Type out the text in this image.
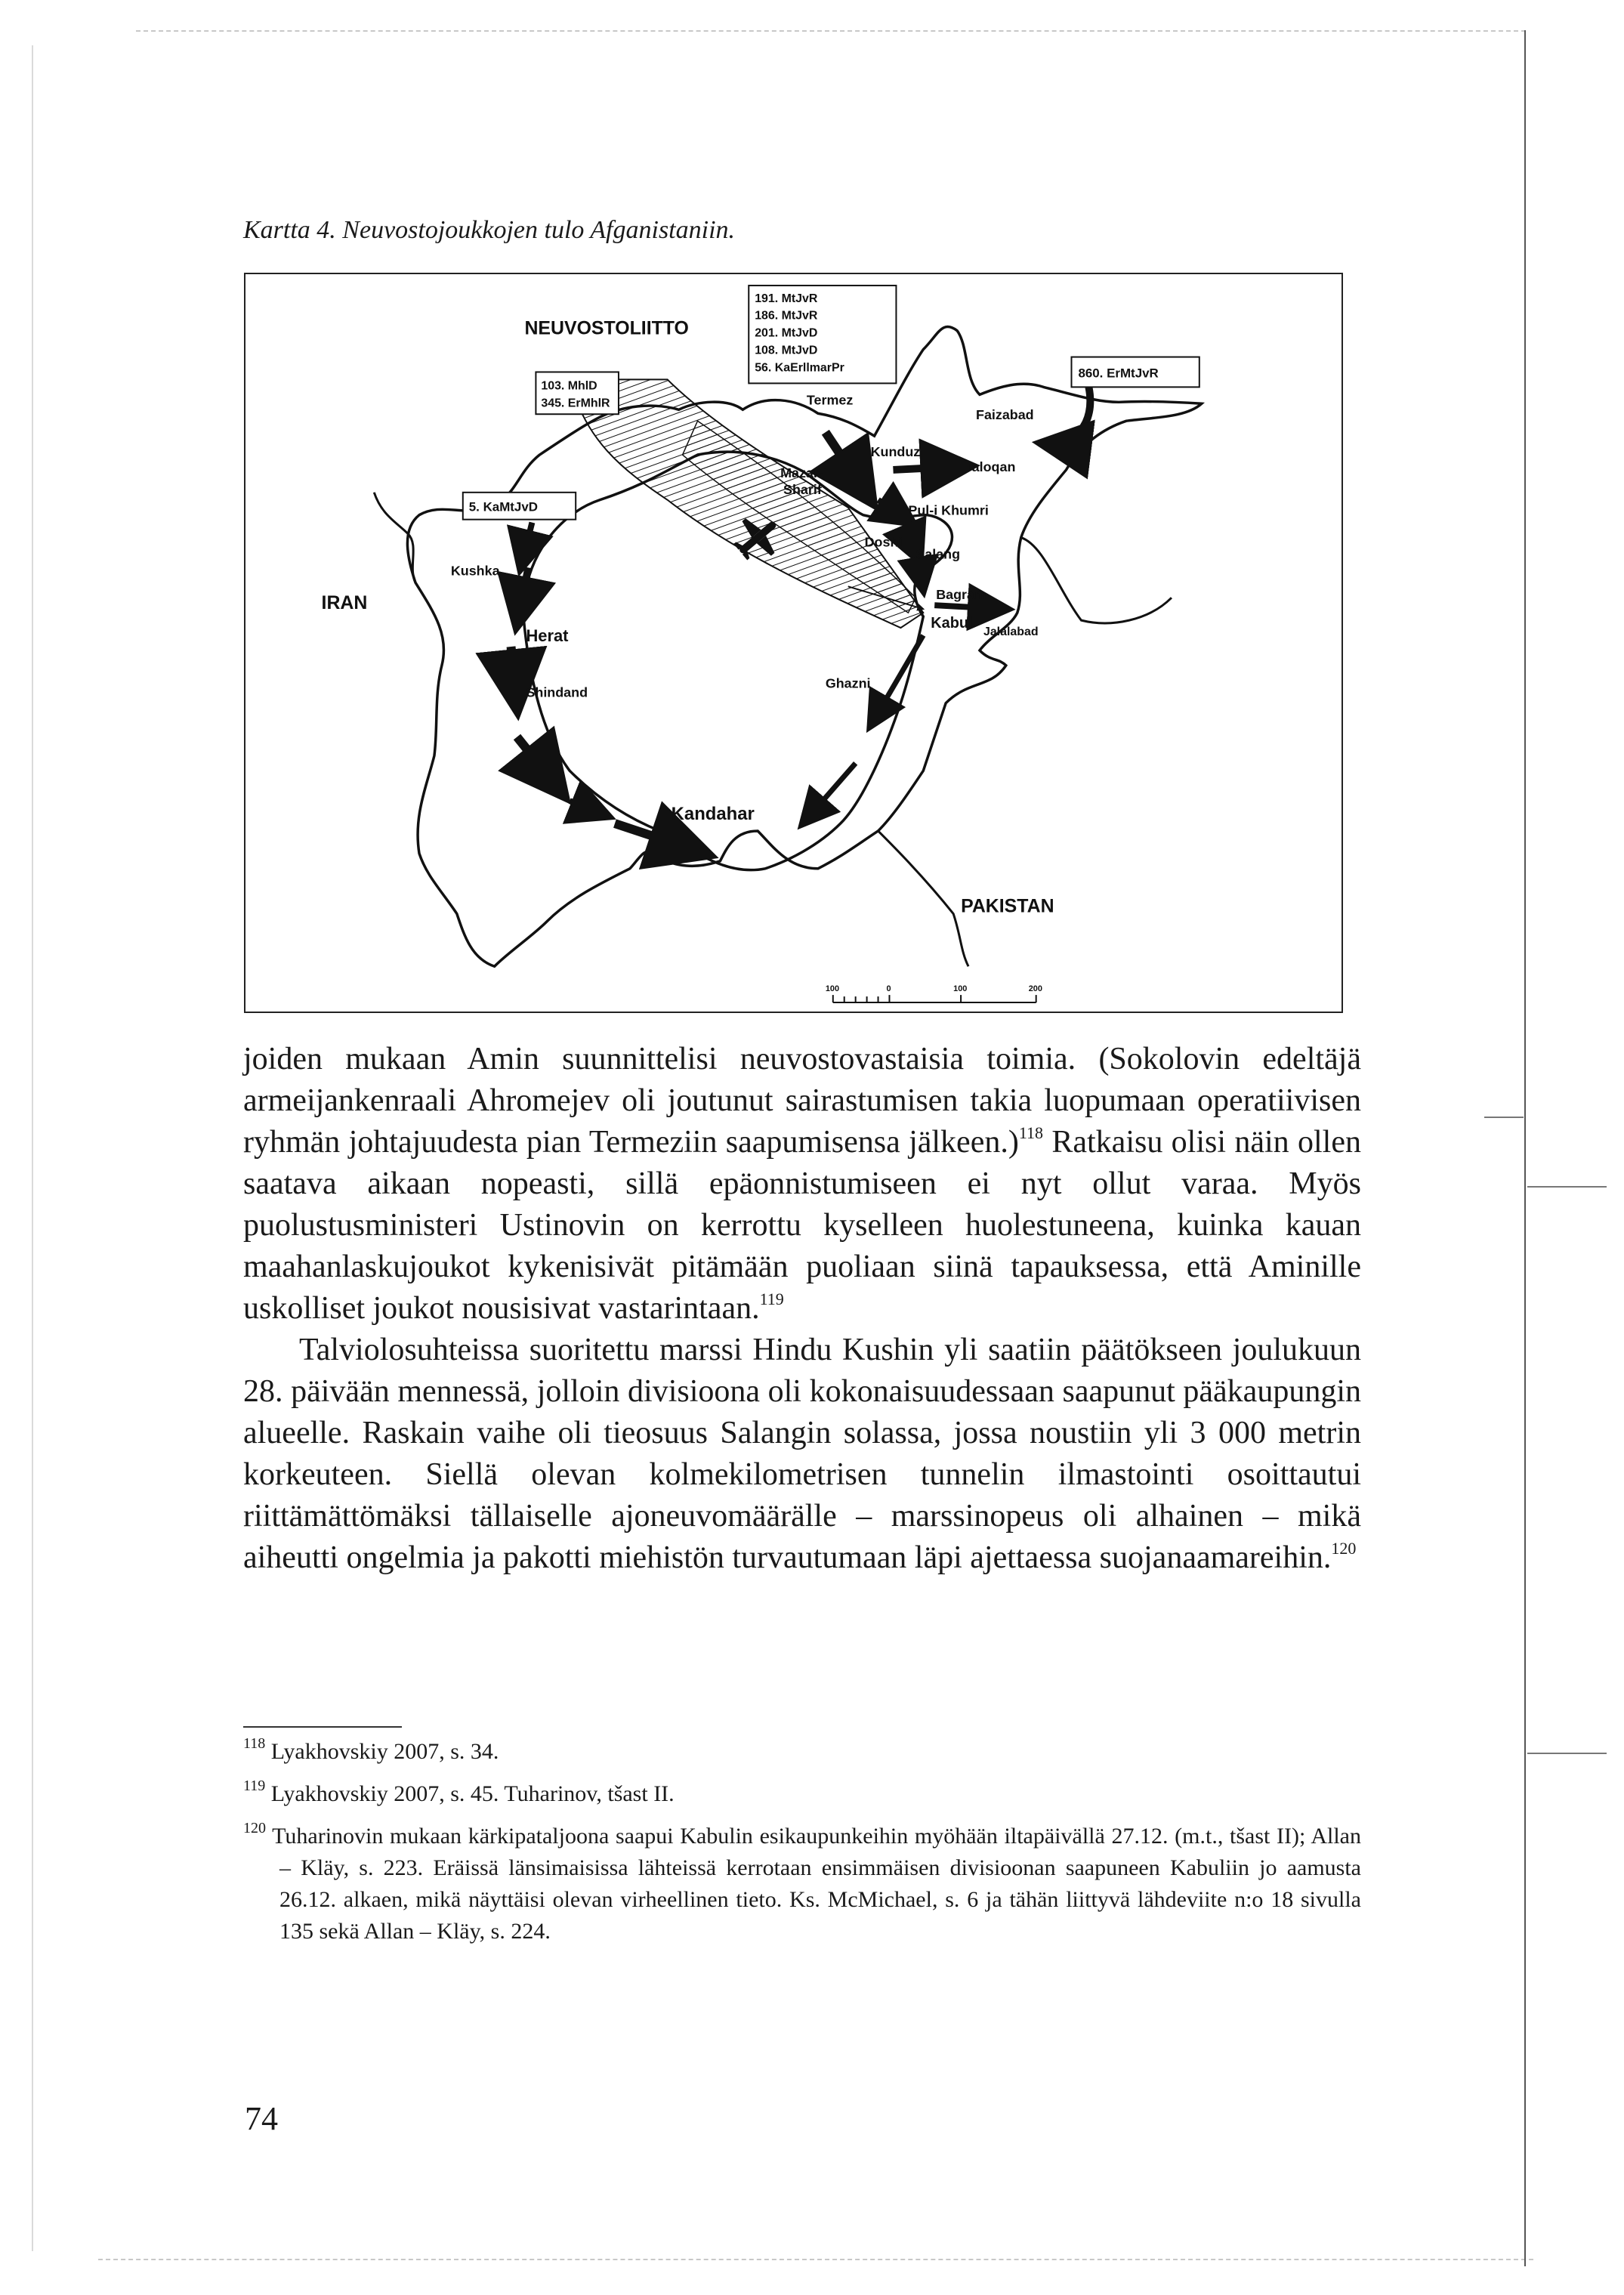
Kartta 4. Neuvostojoukkojen tulo Afganistaniin.
191. MtJvR
186. MtJvR
201. MtJvD
108. MtJvD
56. KaErllmarPr
103. MhlD
345. ErMhlR
5. KaMtJvD
860. ErMtJvR
NEUVOSTOLIITTO
IRAN
PAKISTAN
Termez
Kunduz
Taloqan
Faizabad
Mazar-i
Sharif
Pul-i Khumri
Doshi
Salang
Bagram
Kabul
Jalalabad
Kushka
Herat
Shindand
Ghazni
Kandahar
100	0	100	200

joiden mukaan Amin suunnittelisi neuvostovastaisia toimia. (Sokolovin edeltäjä armeijankenraali Ahromejev oli joutunut sairastumisen takia luopumaan operatiivisen ryhmän johtajuudesta pian Termeziin saapumisensa jälkeen.)$^{118}$ Ratkaisu olisi näin ollen saatava aikaan nopeasti, sillä epäonnistumiseen ei nyt ollut varaa. Myös puolustusministeri Ustinovin on kerrottu kyselleen huolestuneena, kuinka kauan maahanlaskujoukot kykenisivät pitämään puoliaan siinä tapauksessa, että Aminille uskolliset joukot nousisivat vastarintaan.$^{119}$

Talviolosuhteissa suoritettu marssi Hindu Kushin yli saatiin päätökseen joulukuun 28. päivään mennessä, jolloin divisioona oli kokonaisuudessaan saapunut pääkaupungin alueelle. Raskain vaihe oli tieosuus Salangin solassa, jossa noustiin yli 3 000 metrin korkeuteen. Siellä olevan kolmekilometrisen tunnelin ilmastointi osoittautui riittämättömäksi tällaiselle ajoneuvomäärälle – marssinopeus oli alhainen – mikä aiheutti ongelmia ja pakotti miehistön turvautumaan läpi ajettaessa suojanaamareihin.$^{120}$

$^{118}$ Lyakhovskiy 2007, s. 34.

$^{119}$ Lyakhovskiy 2007, s. 45. Tuharinov, tšast II.

$^{120}$ Tuharinovin mukaan kärkipataljoona saapui Kabulin esikaupunkeihin myöhään iltapäivällä 27.12. (m.t., tšast II); Allan – Kläy, s. 223. Eräissä länsimaisissa lähteissä kerrotaan ensimmäisen divisioonan saapuneen Kabuliin jo aamusta 26.12. alkaen, mikä näyttäisi olevan virheellinen tieto. Ks. McMichael, s. 6 ja tähän liittyvä lähdeviite n:o 18 sivulla 135 sekä Allan – Kläy, s. 224.

74
